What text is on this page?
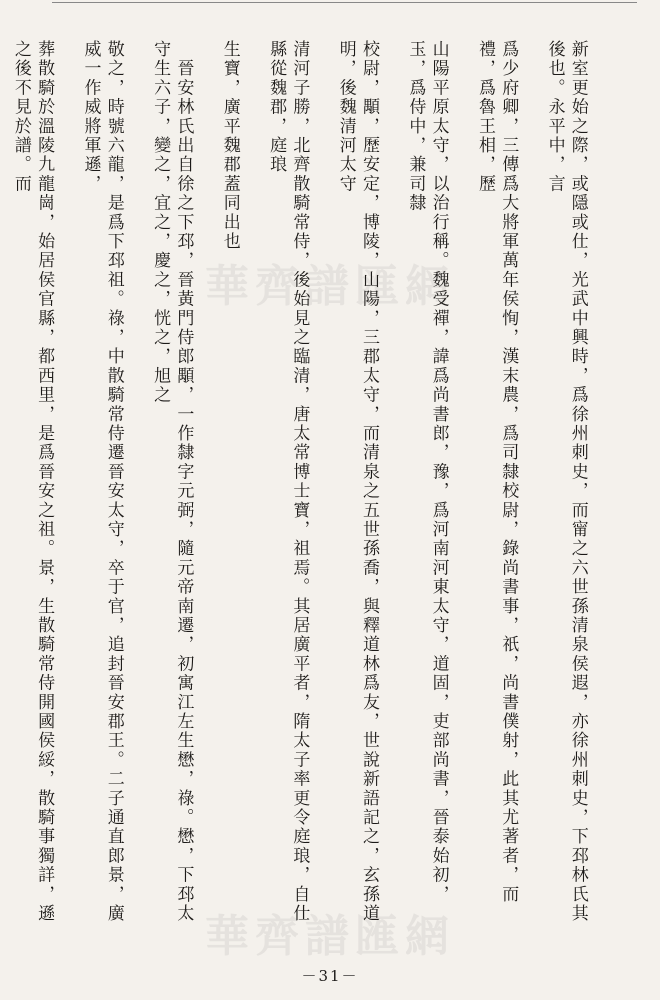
華齊譜匯網	新室更始之際，或隱或仕，光武中興時，爲徐州刺史，而甯之六世孫清泉侯遐，亦徐州刺史，下邳林氏其後也。永平中，言

爲少府卿，三傳爲大將軍萬年侯恂，漢末農，爲司隸校尉，錄尚書事，祇，尚書僕射，此其尤著者，而禮，爲魯王相，歷

山陽平原太守，以治行稱。魏受禪，諱爲尚書郎，豫，爲河南河東太守，道固，吏部尚書，晉泰始初，玉，爲侍中，兼司隸

校尉，顒，歷安定，博陵，山陽，三郡太守，而清泉之五世孫喬，與釋道林爲友，世說新語記之，玄孫道明，後魏清河太守

清河子勝，北齊散騎常侍，後始見之臨清，唐太常博士寶，祖焉。其居廣平者，隋太子率更令庭琅，自仕縣從魏郡，庭琅

生寶，廣平魏郡蓋同出也

　晉安林氏出自徐之下邳，晉黃門侍郎顒，一作隸字元弼，隨元帝南遷，初寓江左生懋，祿。懋，下邳太守生六子，變之，宜之，慶之，恍之，旭之

敬之，時號六龍，是爲下邳祖。祿，中散騎常侍遷晉安太守，卒于官，追封晉安郡王。二子通直郎景，廣威一作威將軍遜，

葬散騎於溫陵九龍崗，始居侯官縣，都西里，是爲晉安之祖。景，生散騎常侍開國侯綏，散騎事獨詳，遜之後不見於譜。而

華齊譜匯網
－31－
